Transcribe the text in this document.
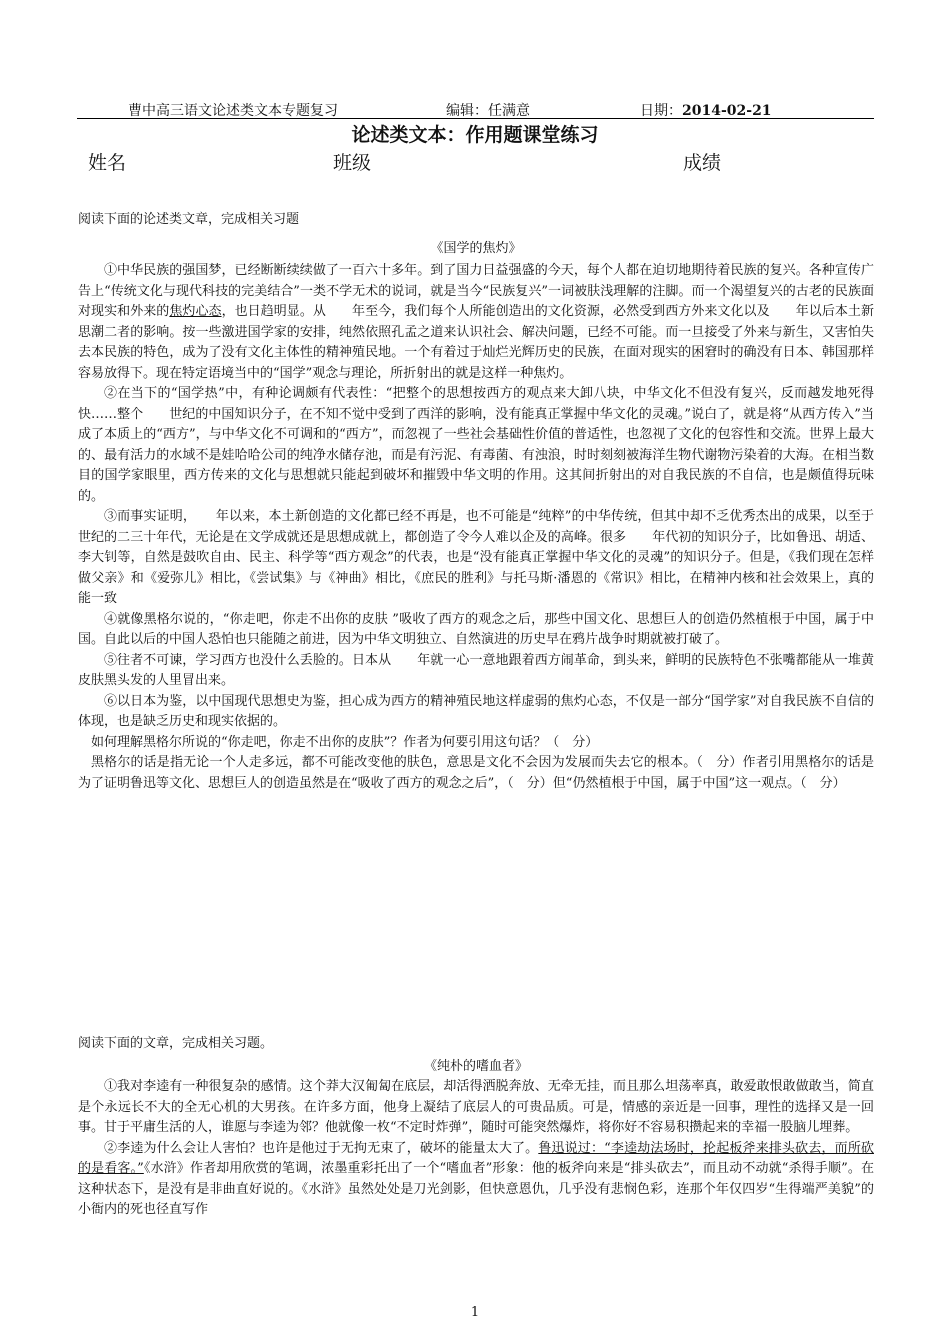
曹中高三语文论述类文本专题复习	编辑：任满意	日期：2014-02-21
论述类文本：作用题课堂练习
姓名	班级	成绩

阅读下面的论述类文章，完成相关习题

《国学的焦灼》

①中华民族的强国梦，已经断断续续做了一百六十多年。到了国力日益强盛的今天，每个人都在迫切地期待着民族的复兴。各种宣传广告上“传统文化与现代科技的完美结合”一类不学无术的说词，就是当今“民族复兴”一词被肤浅理解的注脚。而一个渴望复兴的古老的民族面对现实和外来的焦灼心态，也日趋明显。从　　年至今，我们每个人所能创造出的文化资源，必然受到西方外来文化以及　　年以后本土新思潮二者的影响。按一些激进国学家的安排，纯然依照孔孟之道来认识社会、解决问题，已经不可能。而一旦接受了外来与新生，又害怕失去本民族的特色，成为了没有文化主体性的精神殖民地。一个有着过于灿烂光辉历史的民族，在面对现实的困窘时的确没有日本、韩国那样容易放得下。现在特定语境当中的“国学”观念与理论，所折射出的就是这样一种焦灼。

②在当下的“国学热”中，有种论调颇有代表性：“把整个的思想按西方的观点来大卸八块，中华文化不但没有复兴，反而越发地死得快……整个　　世纪的中国知识分子，在不知不觉中受到了西洋的影响，没有能真正掌握中华文化的灵魂。”说白了，就是将“从西方传入”当成了本质上的“西方”，与中华文化不可调和的“西方”，而忽视了一些社会基础性价值的普适性，也忽视了文化的包容性和交流。世界上最大的、最有活力的水域不是娃哈哈公司的纯净水储存池，而是有污泥、有毒菌、有浊浪，时时刻刻被海洋生物代谢物污染着的大海。在相当数目的国学家眼里，西方传来的文化与思想就只能起到破坏和摧毁中华文明的作用。这其间折射出的对自我民族的不自信，也是颇值得玩味的。

③而事实证明，　　年以来，本土新创造的文化都已经不再是，也不可能是“纯粹”的中华传统，但其中却不乏优秀杰出的成果，以至于　　世纪的二三十年代，无论是在文学成就还是思想成就上，都创造了令今人难以企及的高峰。很多　　年代初的知识分子，比如鲁迅、胡适、李大钊等，自然是鼓吹自由、民主、科学等“西方观念”的代表，也是“没有能真正掌握中华文化的灵魂”的知识分子。但是，《我们现在怎样做父亲》和《爱弥儿》相比，《尝试集》与《神曲》相比，《庶民的胜利》与托马斯·潘恩的《常识》相比，在精神内核和社会效果上，真的能一致

④就像黑格尔说的，“你走吧，你走不出你的皮肤 ”吸收了西方的观念之后，那些中国文化、思想巨人的创造仍然植根于中国，属于中国。自此以后的中国人恐怕也只能随之前进，因为中华文明独立、自然演进的历史早在鸦片战争时期就被打破了。

⑤往者不可谏，学习西方也没什么丢脸的。日本从　　年就一心一意地跟着西方闹革命，到头来，鲜明的民族特色不张嘴都能从一堆黄皮肤黑头发的人里冒出来。

⑥以日本为鉴，以中国现代思想史为鉴，担心成为西方的精神殖民地这样虚弱的焦灼心态，不仅是一部分“国学家”对自我民族不自信的体现，也是缺乏历史和现实依据的。

如何理解黑格尔所说的“你走吧，你走不出你的皮肤”？作者为何要引用这句话？（　分）

黑格尔的话是指无论一个人走多远，都不可能改变他的肤色，意思是文化不会因为发展而失去它的根本。（　分）作者引用黑格尔的话是为了证明鲁迅等文化、思想巨人的创造虽然是在“吸收了西方的观念之后”，（　分）但“仍然植根于中国，属于中国”这一观点。（　分）

阅读下面的文章，完成相关习题。

《纯朴的嗜血者》

①我对李逵有一种很复杂的感情。这个莽大汉匍匐在底层，却活得洒脱奔放、无牵无挂，而且那么坦荡率真，敢爱敢恨敢做敢当，简直是个永远长不大的全无心机的大男孩。在许多方面，他身上凝结了底层人的可贵品质。可是，情感的亲近是一回事，理性的选择又是一回事。甘于平庸生活的人，谁愿与李逵为邻？他就像一枚“不定时炸弹”，随时可能突然爆炸，将你好不容易积攒起来的幸福一股脑儿埋葬。

②李逵为什么会让人害怕？也许是他过于无拘无束了，破坏的能量太大了。鲁迅说过：“李逵劫法场时，抡起板斧来排头砍去，而所砍的是看客。”《水浒》作者却用欣赏的笔调，浓墨重彩托出了一个“嗜血者”形象：他的板斧向来是“排头砍去”，而且动不动就“杀得手顺”。在这种状态下，是没有是非曲直好说的。《水浒》虽然处处是刀光剑影，但快意恩仇，几乎没有悲悯色彩，连那个年仅四岁“生得端严美貌”的小衙内的死也径直写作

1
